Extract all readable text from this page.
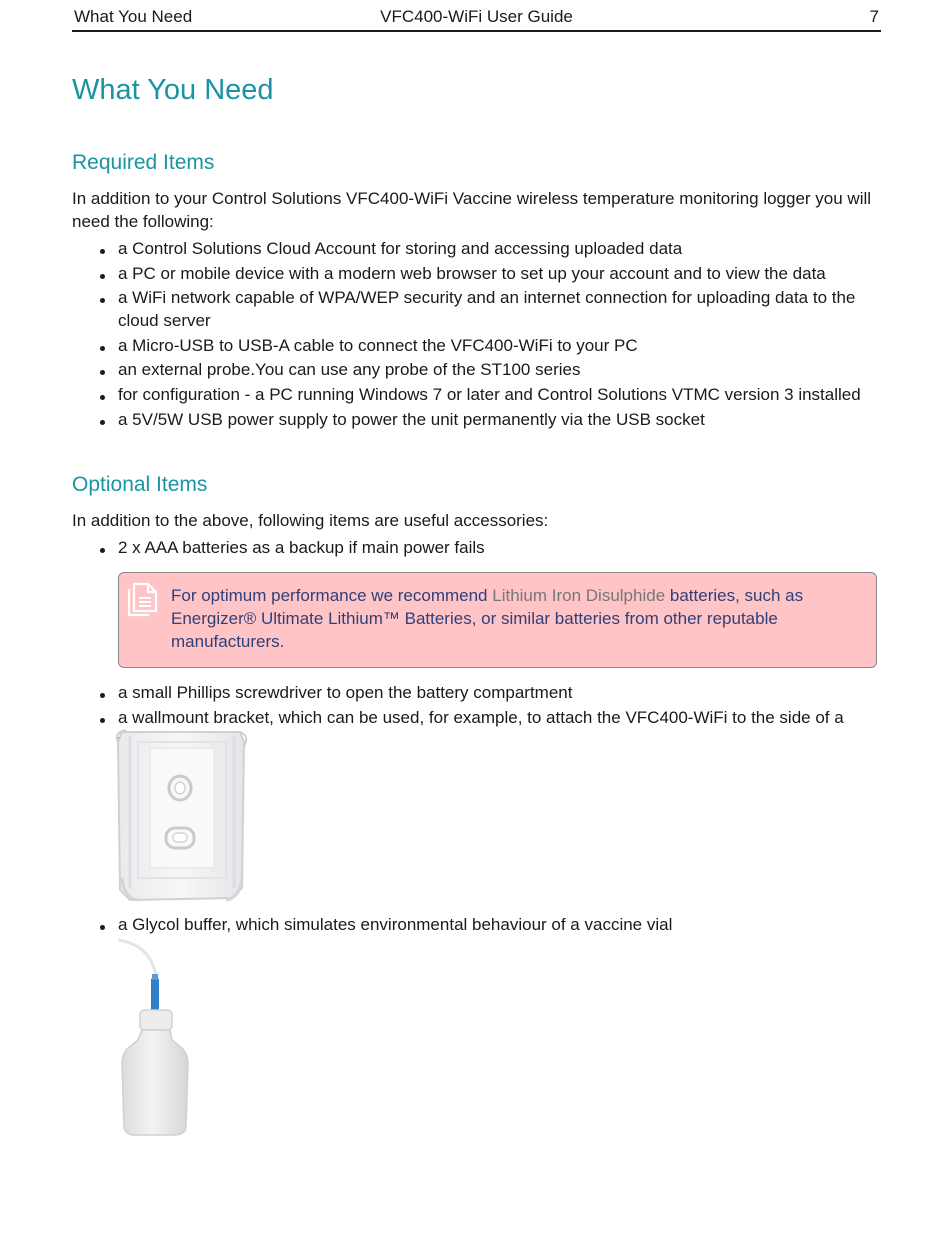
What You Need	VFC400-WiFi User Guide	7
What You Need
Required Items

In addition to your Control Solutions VFC400-WiFi Vaccine wireless temperature monitoring logger you will need the following:

a Control Solutions Cloud Account for storing and accessing uploaded data
a PC or mobile device with a modern web browser to set up your account and to view the data
a WiFi network capable of WPA/WEP security and an internet connection for uploading data to the cloud server
a Micro-USB to USB-A cable to connect the VFC400-WiFi to your PC
an external probe.You can use any probe of the ST100 series
for configuration - a PC running Windows 7 or later and Control Solutions VTMC version 3 installed
a 5V/5W USB power supply to power the unit permanently via the USB socket
Optional Items

In addition to the above, following items are useful accessories:

2 x AAA batteries as a backup if main power fails
For optimum performance we recommend Lithium Iron Disulphide batteries, such as Energizer® Ultimate Lithium™ Batteries, or similar batteries from other reputable manufacturers.
a small Phillips screwdriver to open the battery compartment
a wallmount bracket, which can be used, for example, to attach the VFC400-WiFi to the side of a
a Glycol buffer, which simulates environmental behaviour of a vaccine vial
